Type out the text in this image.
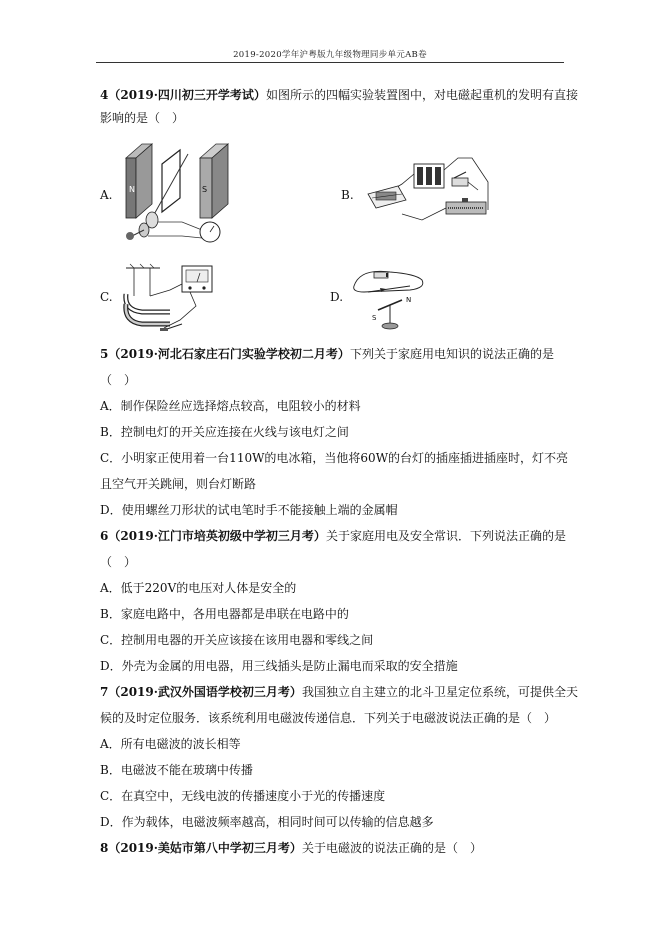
2019-2020学年沪粤版九年级物理同步单元AB卷
4（2019·四川初三开学考试）如图所示的四幅实验装置图中，对电磁起重机的发明有直接
影响的是（　）
A. N	S	B.
C.	D.	N
S
5（2019·河北石家庄石门实验学校初二月考）下列关于家庭用电知识的说法正确的是
（　）
A．制作保险丝应选择熔点较高，电阻较小的材料
B．控制电灯的开关应连接在火线与该电灯之间
C．小明家正使用着一台110W的电冰箱，当他将60W的台灯的插座插进插座时，灯不亮
且空气开关跳闸，则台灯断路
D．使用螺丝刀形状的试电笔时手不能接触上端的金属帽
6（2019·江门市培英初级中学初三月考）关于家庭用电及安全常识．下列说法正确的是
（　）
A．低于220V的电压对人体是安全的
B．家庭电路中，各用电器都是串联在电路中的
C．控制用电器的开关应该接在该用电器和零线之间
D．外壳为金属的用电器，用三线插头是防止漏电而采取的安全措施
7（2019·武汉外国语学校初三月考）我国独立自主建立的北斗卫星定位系统，可提供全天
候的及时定位服务．该系统利用电磁波传递信息．下列关于电磁波说法正确的是（　）
A．所有电磁波的波长相等
B．电磁波不能在玻璃中传播
C．在真空中，无线电波的传播速度小于光的传播速度
D．作为载体，电磁波频率越高，相同时间可以传输的信息越多
8（2019·美姑市第八中学初三月考）关于电磁波的说法正确的是（　）
